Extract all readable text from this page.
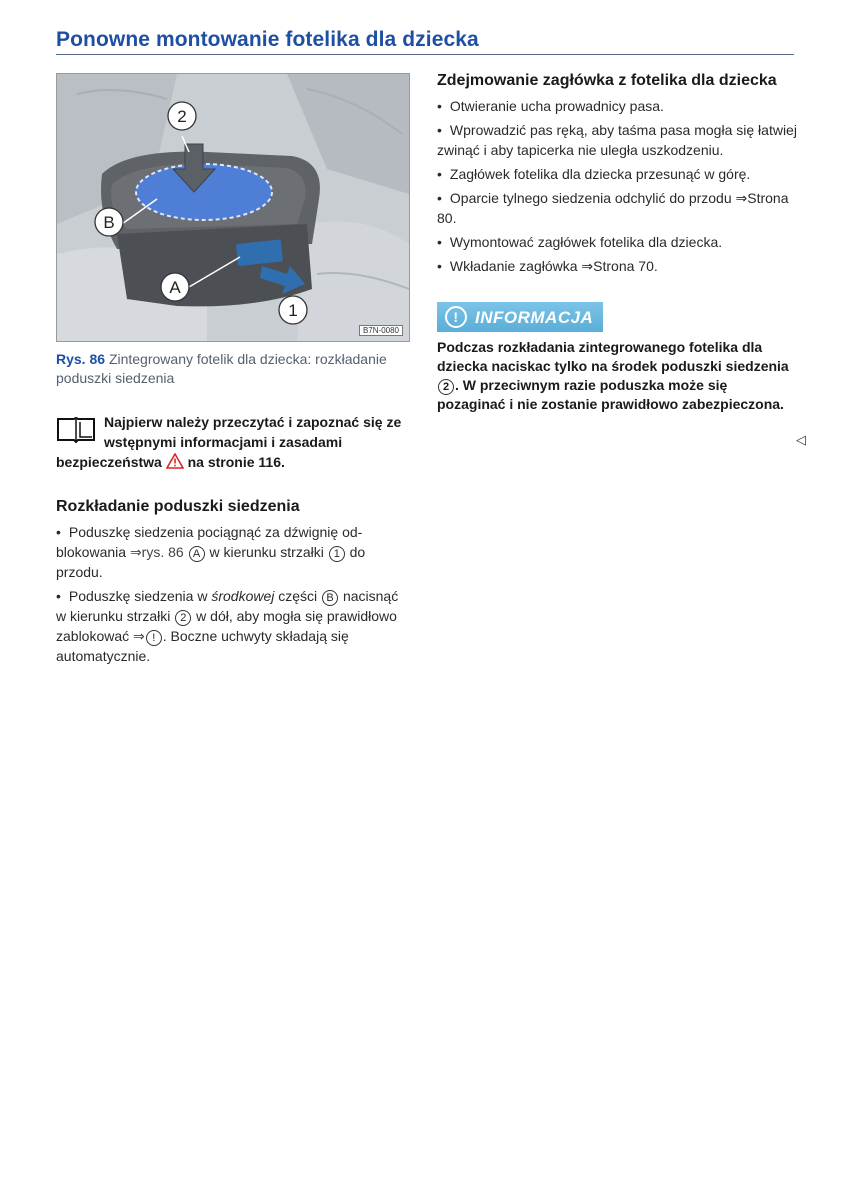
Ponowne montowanie fotelika dla dziecka
2
B
A
1
B7N-0080
Rys. 86 Zintegrowany fotelik dla dziecka: rozkładanie poduszki siedzenia
Najpierw należy przeczytać i zapoznać się ze wstępnymi informacjami i zasadami bezpieczeństwa na stronie 116.
Rozkładanie poduszki siedzenia
• Poduszkę siedzenia pociągnąć za dźwignię odblokowania ⇒rys. 86 A w kierunku strzałki 1 do przodu.
• Poduszkę siedzenia w środkowej części B nacisnąć w kierunku strzałki 2 w dół, aby mogła się prawidłowo zablokować ⇒ ! . Boczne uchwyty składają się automatycznie.
Zdejmowanie zagłówka z fotelika dla dziecka
• Otwieranie ucha prowadnicy pasa.
• Wprowadzić pas ręką, aby taśma pasa mogła się łatwiej zwinąć i aby tapicerka nie uległa uszkodzeniu.
• Zagłówek fotelika dla dziecka przesunąć w górę.
• Oparcie tylnego siedzenia odchylić do przodu ⇒Strona 80.
• Wymontować zagłówek fotelika dla dziecka.
• Wkładanie zagłówka ⇒Strona 70.
! INFORMACJA
Podczas rozkładania zintegrowanego fotelika dla dziecka naciskac tylko na środek poduszki siedzenia 2 . W przeciwnym razie poduszka może się pozaginać i nie zostanie prawidłowo zabezpieczona.
◁
